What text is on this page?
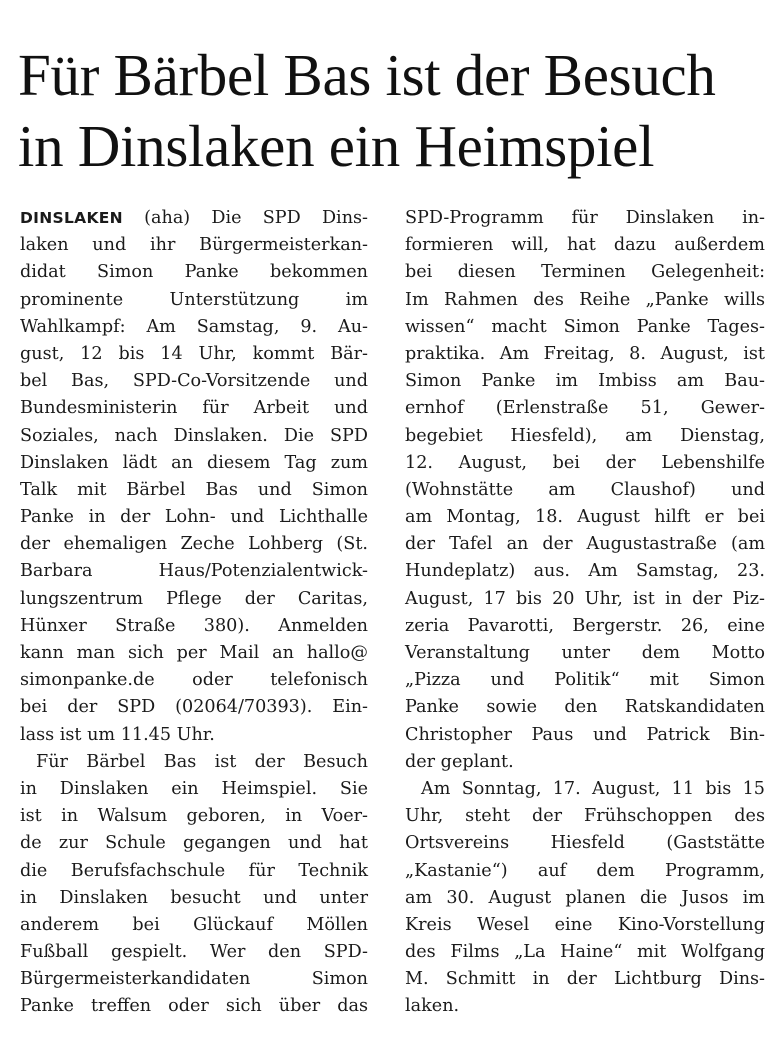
Für Bärbel Bas ist der Besuch
in Dinslaken ein Heimspiel
DINSLAKEN (aha) Die SPD Dins-
laken und ihr Bürgermeisterkan-
didat Simon Panke bekommen
prominente Unterstützung im
Wahlkampf: Am Samstag, 9. Au-
gust, 12 bis 14 Uhr, kommt Bär-
bel Bas, SPD-Co-Vorsitzende und
Bundesministerin für Arbeit und
Soziales, nach Dinslaken. Die SPD
Dinslaken lädt an diesem Tag zum
Talk mit Bärbel Bas und Simon
Panke in der Lohn- und Lichthalle
der ehemaligen Zeche Lohberg (St.
Barbara Haus/Potenzialentwick-
lungszentrum Pflege der Caritas,
Hünxer Straße 380). Anmelden
kann man sich per Mail an hallo@
simonpanke.de oder telefonisch
bei der SPD (02064/70393). Ein-
lass ist um 11.45 Uhr.
Für Bärbel Bas ist der Besuch
in Dinslaken ein Heimspiel. Sie
ist in Walsum geboren, in Voer-
de zur Schule gegangen und hat
die Berufsfachschule für Technik
in Dinslaken besucht und unter
anderem bei Glückauf Möllen
Fußball gespielt. Wer den SPD-
Bürgermeisterkandidaten Simon
Panke treffen oder sich über das
SPD-Programm für Dinslaken in-
formieren will, hat dazu außerdem
bei diesen Terminen Gelegenheit:
Im Rahmen des Reihe „Panke wills
wissen“ macht Simon Panke Tages-
praktika. Am Freitag, 8. August, ist
Simon Panke im Imbiss am Bau-
ernhof (Erlenstraße 51, Gewer-
begebiet Hiesfeld), am Dienstag,
12. August, bei der Lebenshilfe
(Wohnstätte am Claushof) und
am Montag, 18. August hilft er bei
der Tafel an der Augustastraße (am
Hundeplatz) aus. Am Samstag, 23.
August, 17 bis 20 Uhr, ist in der Piz-
zeria Pavarotti, Bergerstr. 26, eine
Veranstaltung unter dem Motto
„Pizza und Politik“ mit Simon
Panke sowie den Ratskandidaten
Christopher Paus und Patrick Bin-
der geplant.
Am Sonntag, 17. August, 11 bis 15
Uhr, steht der Frühschoppen des
Ortsvereins Hiesfeld (Gaststätte
„Kastanie“) auf dem Programm,
am 30. August planen die Jusos im
Kreis Wesel eine Kino-Vorstellung
des Films „La Haine“ mit Wolfgang
M. Schmitt in der Lichtburg Dins-
laken.
